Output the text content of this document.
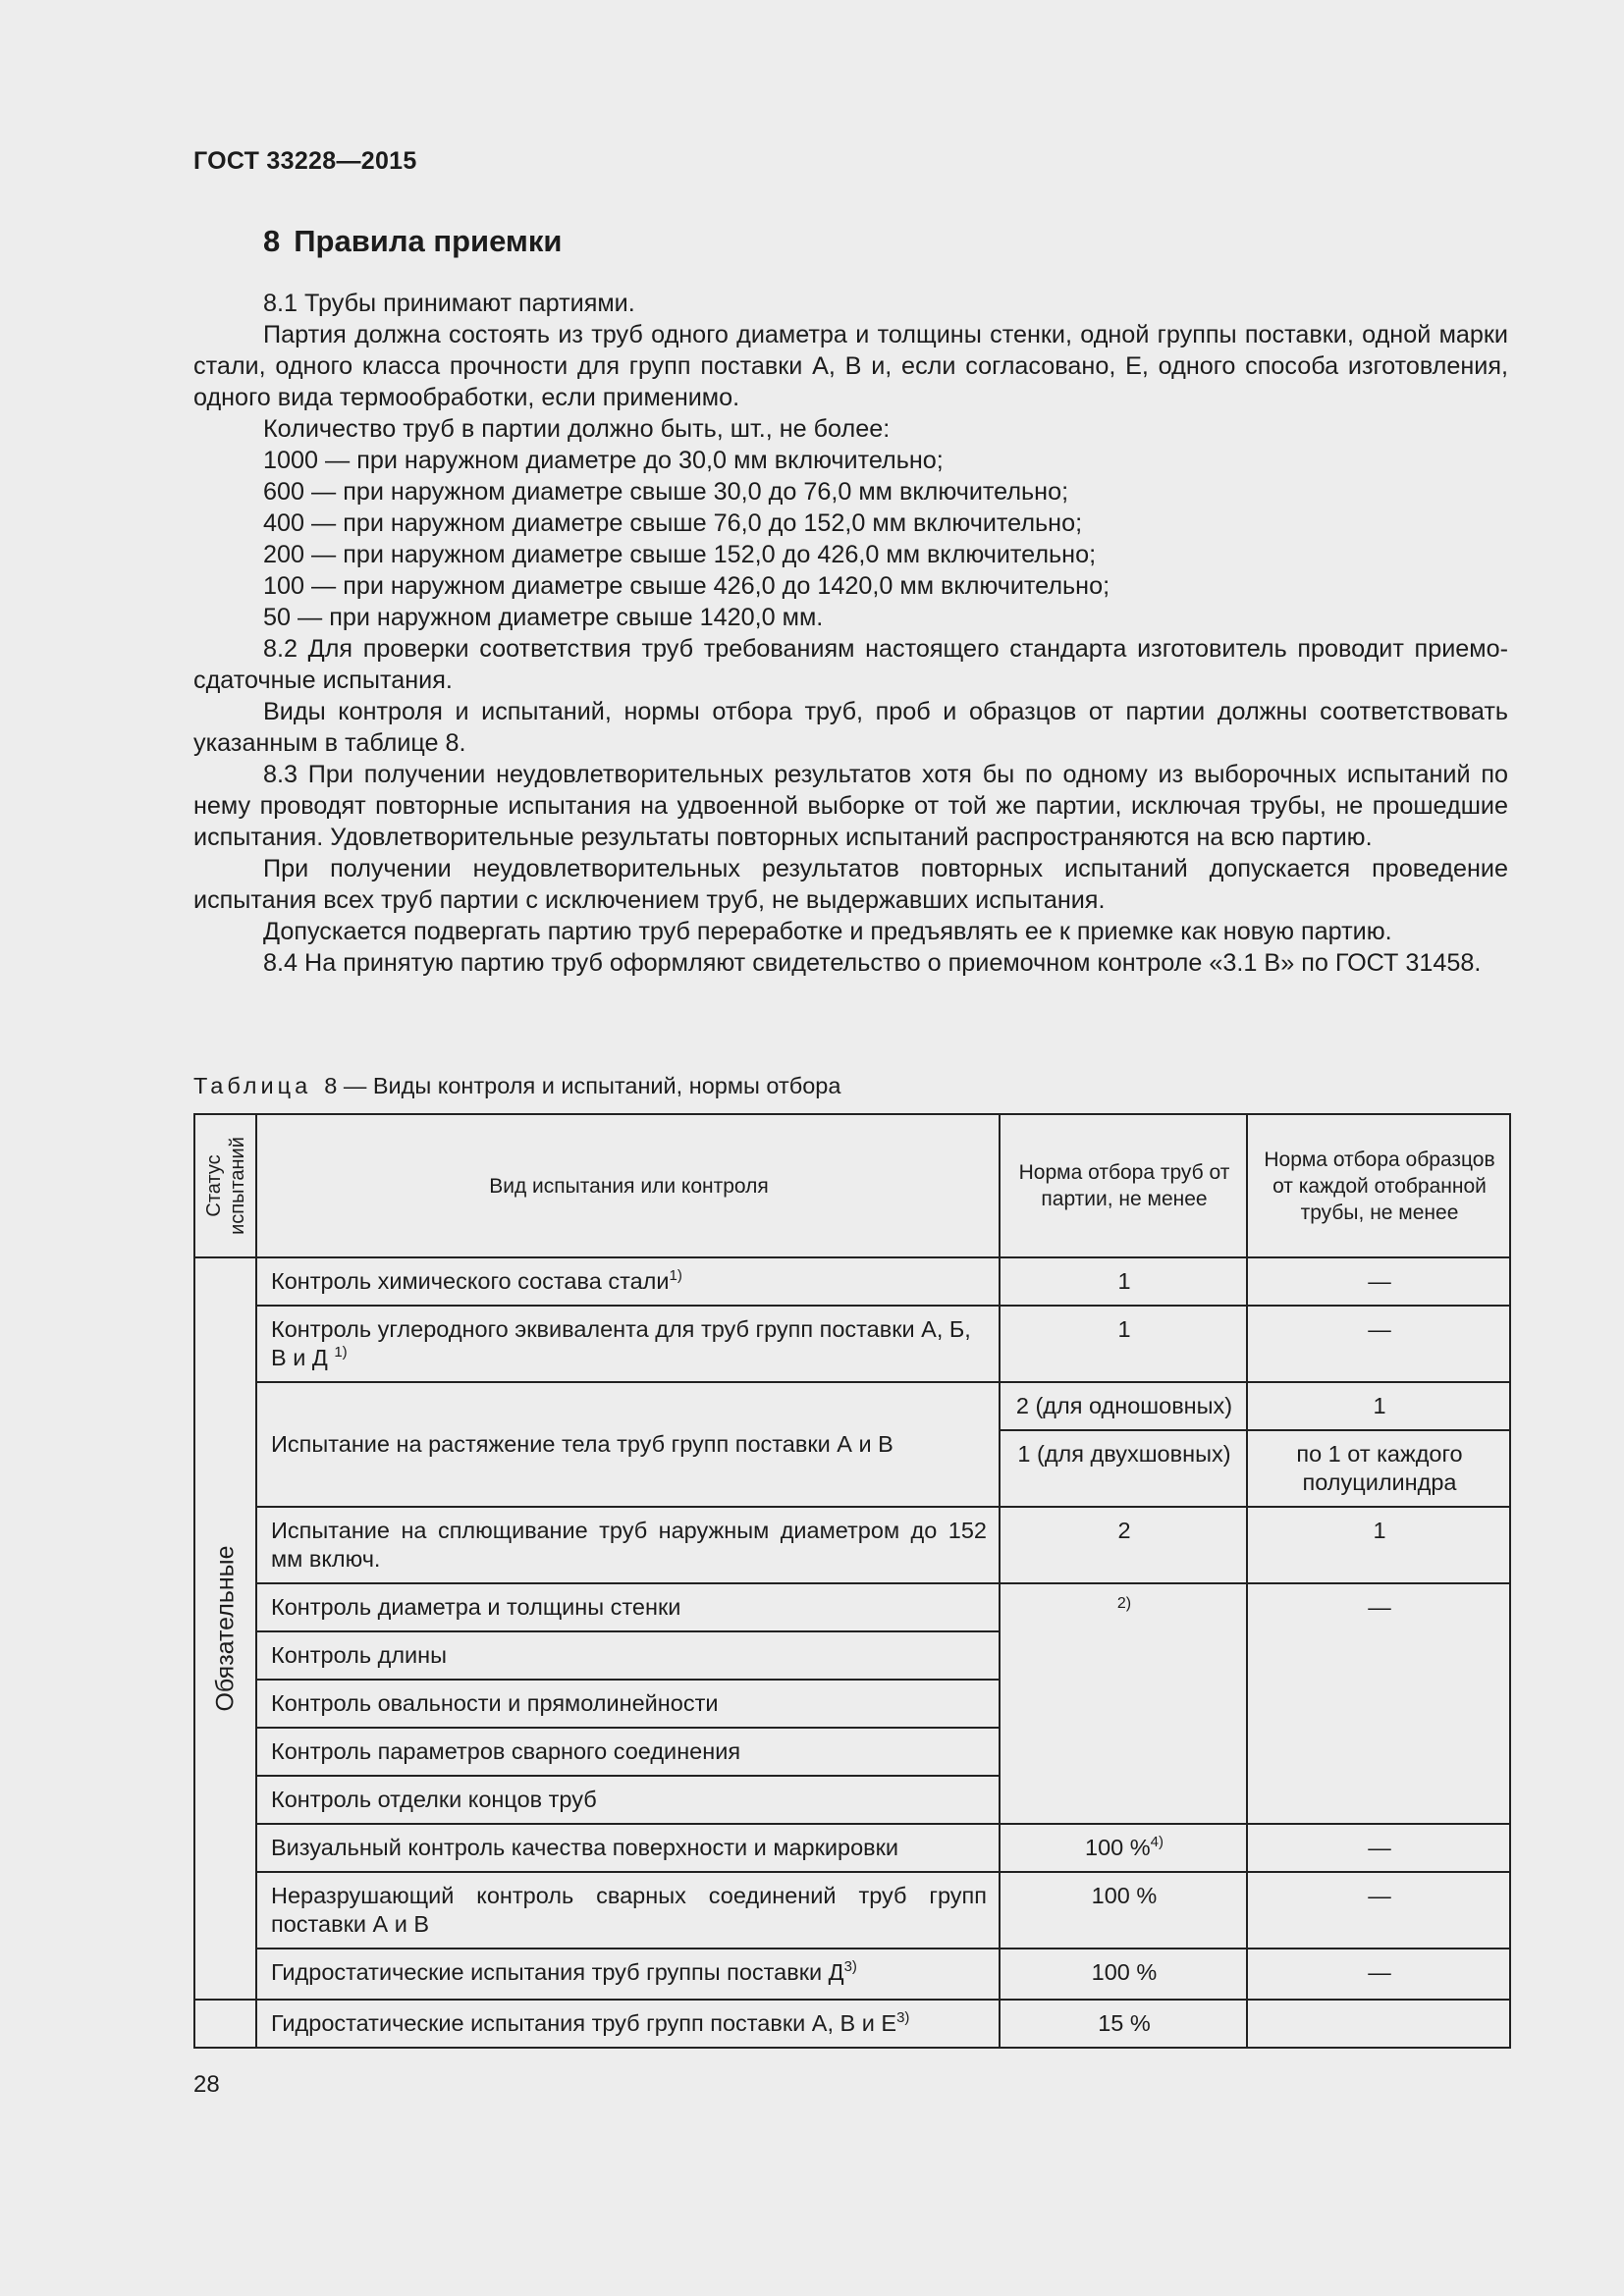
ГОСТ 33228—2015
8 Правила приемки

8.1 Трубы принимают партиями.

Партия должна состоять из труб одного диаметра и толщины стенки, одной группы поставки, одной марки стали, одного класса прочности для групп поставки А, В и, если согласовано, Е, одного способа изготовления, одного вида термообработки, если применимо.

Количество труб в партии должно быть, шт., не более:

1000 — при наружном диаметре до 30,0 мм включительно;

600 — при наружном диаметре свыше 30,0 до 76,0 мм включительно;

400 — при наружном диаметре свыше 76,0 до 152,0 мм включительно;

200 — при наружном диаметре свыше 152,0 до 426,0 мм включительно;

100 — при наружном диаметре свыше 426,0 до 1420,0 мм включительно;

50 — при наружном диаметре свыше 1420,0 мм.

8.2 Для проверки соответствия труб требованиям настоящего стандарта изготовитель проводит приемо-сдаточные испытания.

Виды контроля и испытаний, нормы отбора труб, проб и образцов от партии должны соответствовать указанным в таблице 8.

8.3 При получении неудовлетворительных результатов хотя бы по одному из выборочных испытаний по нему проводят повторные испытания на удвоенной выборке от той же партии, исключая трубы, не прошедшие испытания. Удовлетворительные результаты повторных испытаний распространяются на всю партию.

При получении неудовлетворительных результатов повторных испытаний допускается проведение испытания всех труб партии с исключением труб, не выдержавших испытания.

Допускается подвергать партию труб переработке и предъявлять ее к приемке как новую партию.

8.4 На принятую партию труб оформляют свидетельство о приемочном контроле «3.1 В» по ГОСТ 31458.

Таблица 8 — Виды контроля и испытаний, нормы отбора
Статус испытаний	Вид испытания или контроля	Норма отбора труб от партии, не менее	Норма отбора образцов от каждой отобранной трубы, не менее

Обязательные	Контроль химического состава стали$^{1)}$	1	—
	Контроль углеродного эквивалента для труб групп поставки А, Б, В и Д $^{1)}$	1	—
	Испытание на растяжение тела труб групп поставки А и В	2 (для одношовных)	1
		1 (для двухшовных)	по 1 от каждого полуцилиндра
	Испытание на сплющивание труб наружным диаметром до 152 мм включ.	2	1
	Контроль диаметра и толщины стенки	2)	—
	Контроль длины		
	Контроль овальности и прямолинейности		
	Контроль параметров сварного соединения		
	Контроль отделки концов труб		
	Визуальный контроль качества поверхности и маркировки	100 %$^{4)}$	—
	Неразрушающий контроль сварных соединений труб групп поставки А и В	100 %	—
	Гидростатические испытания труб группы поставки $Д^{3)}$	100 %	—
	Гидростатические испытания труб групп поставки А, В и $Е^{3)}$	15 %	
28
